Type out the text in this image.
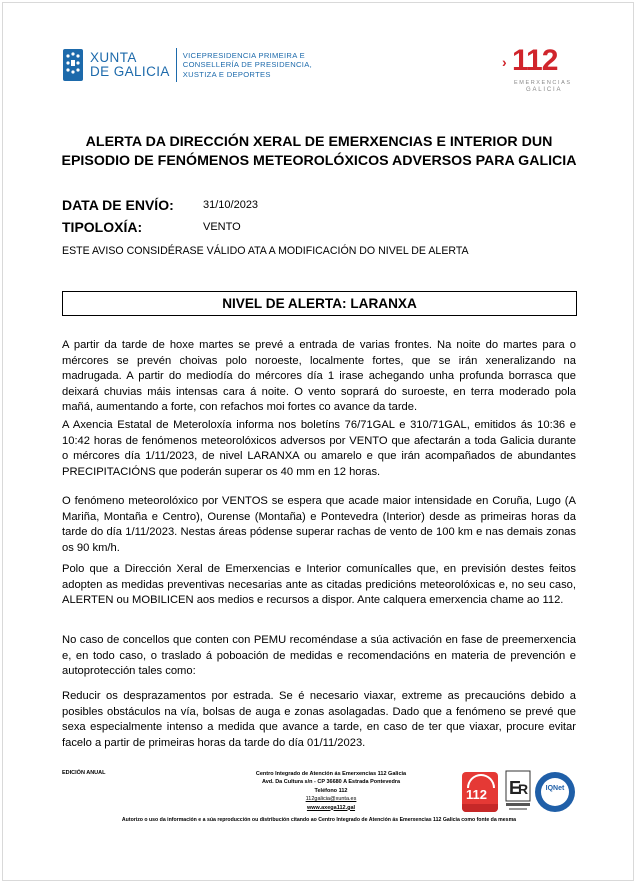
XUNTA
DE GALICIA
VICEPRESIDENCIA PRIMEIRA E
CONSELLERÍA DE PRESIDENCIA,
XUSTIZA E DEPORTES
› 112
EMERXENCIAS
GALICIA
ALERTA DA DIRECCIÓN XERAL DE EMERXENCIAS E INTERIOR DUN
EPISODIO DE FENÓMENOS METEOROLÓXICOS ADVERSOS PARA GALICIA
DATA DE ENVÍO:	31/10/2023
TIPOLOXÍA:	VENTO
ESTE AVISO CONSIDÉRASE VÁLIDO ATA A MODIFICACIÓN DO NIVEL DE ALERTA
NIVEL DE ALERTA: LARANXA
A partir da tarde de hoxe martes se prevé a entrada de varias frontes. Na noite do martes para o mércores se prevén choivas polo noroeste, localmente fortes, que se irán xeneralizando na madrugada. A partir do mediodía do mércores día 1 irase achegando unha profunda borrasca que deixará chuvias máis intensas cara á noite. O vento soprará do suroeste, en terra moderado pola mañá, aumentando a forte, con refachos moi fortes co avance da tarde.
A Axencia Estatal de Meteroloxía informa nos boletíns 76/71GAL e 310/71GAL, emitidos ás 10:36 e 10:42 horas de fenómenos meteorolóxicos adversos por VENTO que afectarán a toda Galicia durante o mércores día 1/11/2023, de nivel LARANXA ou amarelo e que irán acompañados de abundantes PRECIPITACIÓNS que poderán superar os 40 mm en 12 horas.
O fenómeno meteorolóxico por VENTOS se espera que acade maior intensidade en Coruña, Lugo (A Mariña, Montaña e Centro), Ourense (Montaña) e Pontevedra (Interior) desde as primeiras horas da tarde do día 1/11/2023. Nestas áreas pódense superar rachas de vento de 100 km e nas demais zonas os 90 km/h.
Polo que a Dirección Xeral de Emerxencias e Interior comunícalles que, en previsión destes feitos adopten as medidas preventivas necesarias ante as citadas predicións meteorolóxicas e, no seu caso, ALERTEN ou MOBILICEN aos medios e recursos a dispor. Ante calquera emerxencia chame ao 112.
No caso de concellos que conten con PEMU recoméndase a súa activación en fase de preemerxencia e, en todo caso, o traslado á poboación de medidas e recomendacións en materia de prevención e autoprotección tales como:
Reducir os desprazamentos por estrada. Se é necesario viaxar, extreme as precaucións debido a posibles obstáculos na vía, bolsas de auga e zonas asolagadas. Dado que a fenómeno se prevé que sexa especialmente intenso a medida que avance a tarde, en caso de ter que viaxar, procure evitar facelo a partir de primeiras horas da tarde do día 01/11/2023.
EDICIÓN ANUAL	Centro Integrado de Atención ás Emerxencias 112 Galicia
Avd. Da Cultura s/n - CP 36680 A Estrada Pontevedra
Teléfono 112
112galicia@xunta.es
www.axega112.gal
112 E
R	IQNet
Autorizo o uso da información e a súa reproducción ou distribución citando ao Centro Integrado de Atención ás Emerxencias 112 Galicia como fonte da mesma
